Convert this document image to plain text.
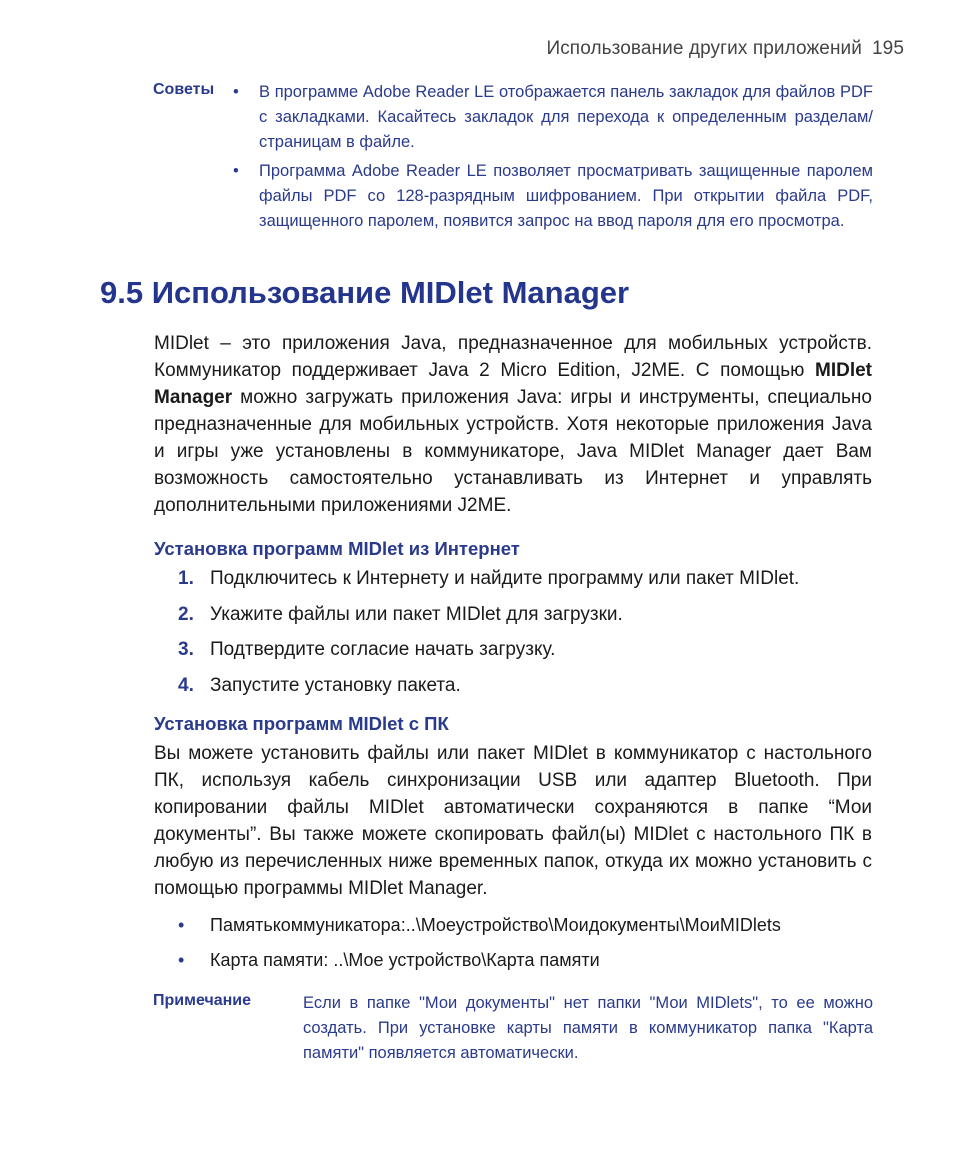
Использование других приложений 195
Советы • В программе Adobe Reader LE отображается панель закладок для файлов PDF с закладками. Касайтесь закладок для перехода к определенным разделам/страницам в файле.
• Программа Adobe Reader LE позволяет просматривать защищенные паролем файлы PDF со 128-разрядным шифрованием. При открытии файла PDF, защищенного паролем, появится запрос на ввод пароля для его просмотра.
9.5 Использование MIDlet Manager

MIDlet – это приложения Java, предназначенное для мобильных устройств. Коммуникатор поддерживает Java 2 Micro Edition, J2ME. С помощью MIDlet Manager можно загружать приложения Java: игры и инструменты, специально предназначенные для мобильных устройств. Хотя некоторые приложения Java и игры уже установлены в коммуникаторе, Java MIDlet Manager дает Вам возможность самостоятельно устанавливать из Интернет и управлять дополнительными приложениями J2ME.

Установка программ MIDlet из Интернет
1. Подключитесь к Интернету и найдите программу или пакет MIDlet.
2. Укажите файлы или пакет MIDlet для загрузки.
3. Подтвердите согласие начать загрузку.
4. Запустите установку пакета.
Установка программ MIDlet с ПК

Вы можете установить файлы или пакет MIDlet в коммуникатор с настольного ПК, используя кабель синхронизации USB или адаптер Bluetooth. При копировании файлы MIDlet автоматически сохраняются в папке “Мои документы”. Вы также можете скопировать файл(ы) MIDlet с настольного ПК в любую из перечисленных ниже временных папок, откуда их можно установить с помощью программы MIDlet Manager.

• Памятькоммуникатора:..\Моеустройство\Моидокументы\МоиMIDlets
• Карта памяти: ..\Мое устройство\Карта памяти
Примечание	Если в папке "Мои документы" нет папки "Мои MIDlets", то ее можно создать. При установке карты памяти в коммуникатор папка "Карта памяти" появляется автоматически.
